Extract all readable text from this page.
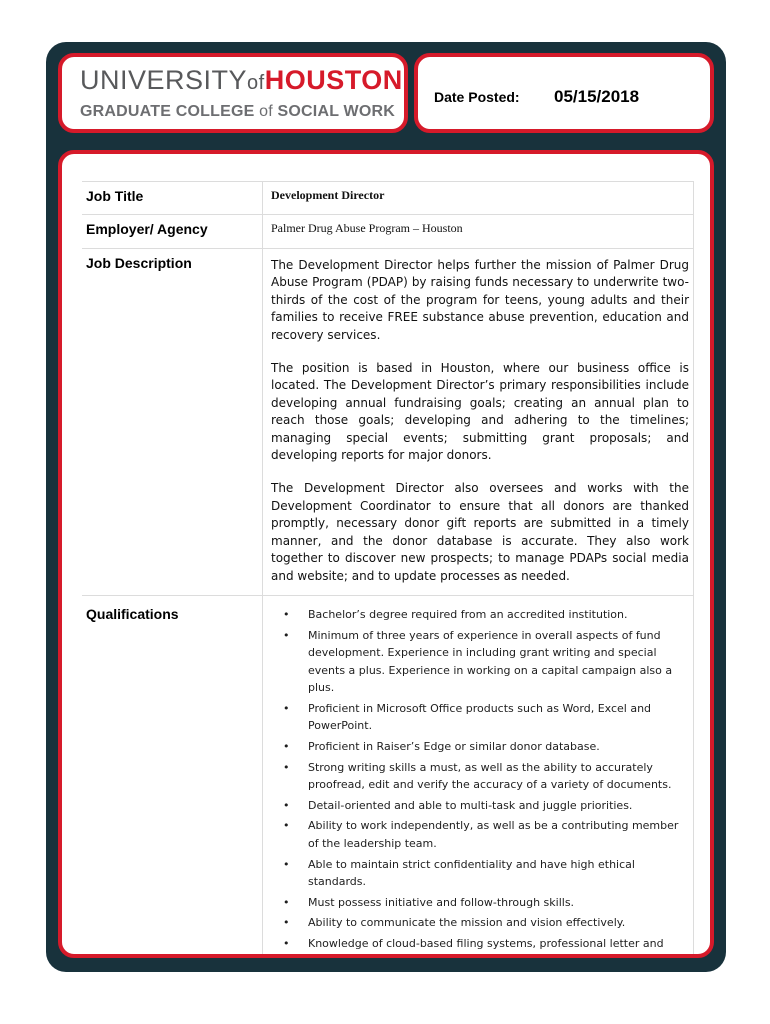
UNIVERSITYofHOUSTON
GRADUATE COLLEGE of SOCIAL WORK
Date Posted: 05/15/2018
Job Title	Development Director
Employer/ Agency	Palmer Drug Abuse Program – Houston
Job Description	The Development Director helps further the mission of Palmer Drug Abuse Program (PDAP) by raising funds necessary to underwrite two-thirds of the cost of the program for teens, young adults and their families to receive FREE substance abuse prevention, education and recovery services.

The position is based in Houston, where our business office is located. The Development Director’s primary responsibilities include developing annual fundraising goals; creating an annual plan to reach those goals; developing and adhering to the timelines; managing special events; submitting grant proposals; and developing reports for major donors.

The Development Director also oversees and works with the Development Coordinator to ensure that all donors are thanked promptly, necessary donor gift reports are submitted in a timely manner, and the donor database is accurate. They also work together to discover new prospects; to manage PDAPs social media and website; and to update processes as needed.

Qualifications	• Bachelor’s degree required from an accredited institution.
• Minimum of three years of experience in overall aspects of fund development. Experience in including grant writing and special events a plus. Experience in working on a capital campaign also a plus.
• Proficient in Microsoft Office products such as Word, Excel and PowerPoint.
• Proficient in Raiser’s Edge or similar donor database.
• Strong writing skills a must, as well as the ability to accurately proofread, edit and verify the accuracy of a variety of documents.
• Detail-oriented and able to multi-task and juggle priorities.
• Ability to work independently, as well as be a contributing member of the leadership team.
• Able to maintain strict confidentiality and have high ethical standards.
• Must possess initiative and follow-through skills.
• Ability to communicate the mission and vision effectively.
• Knowledge of cloud-based filing systems, professional letter and
